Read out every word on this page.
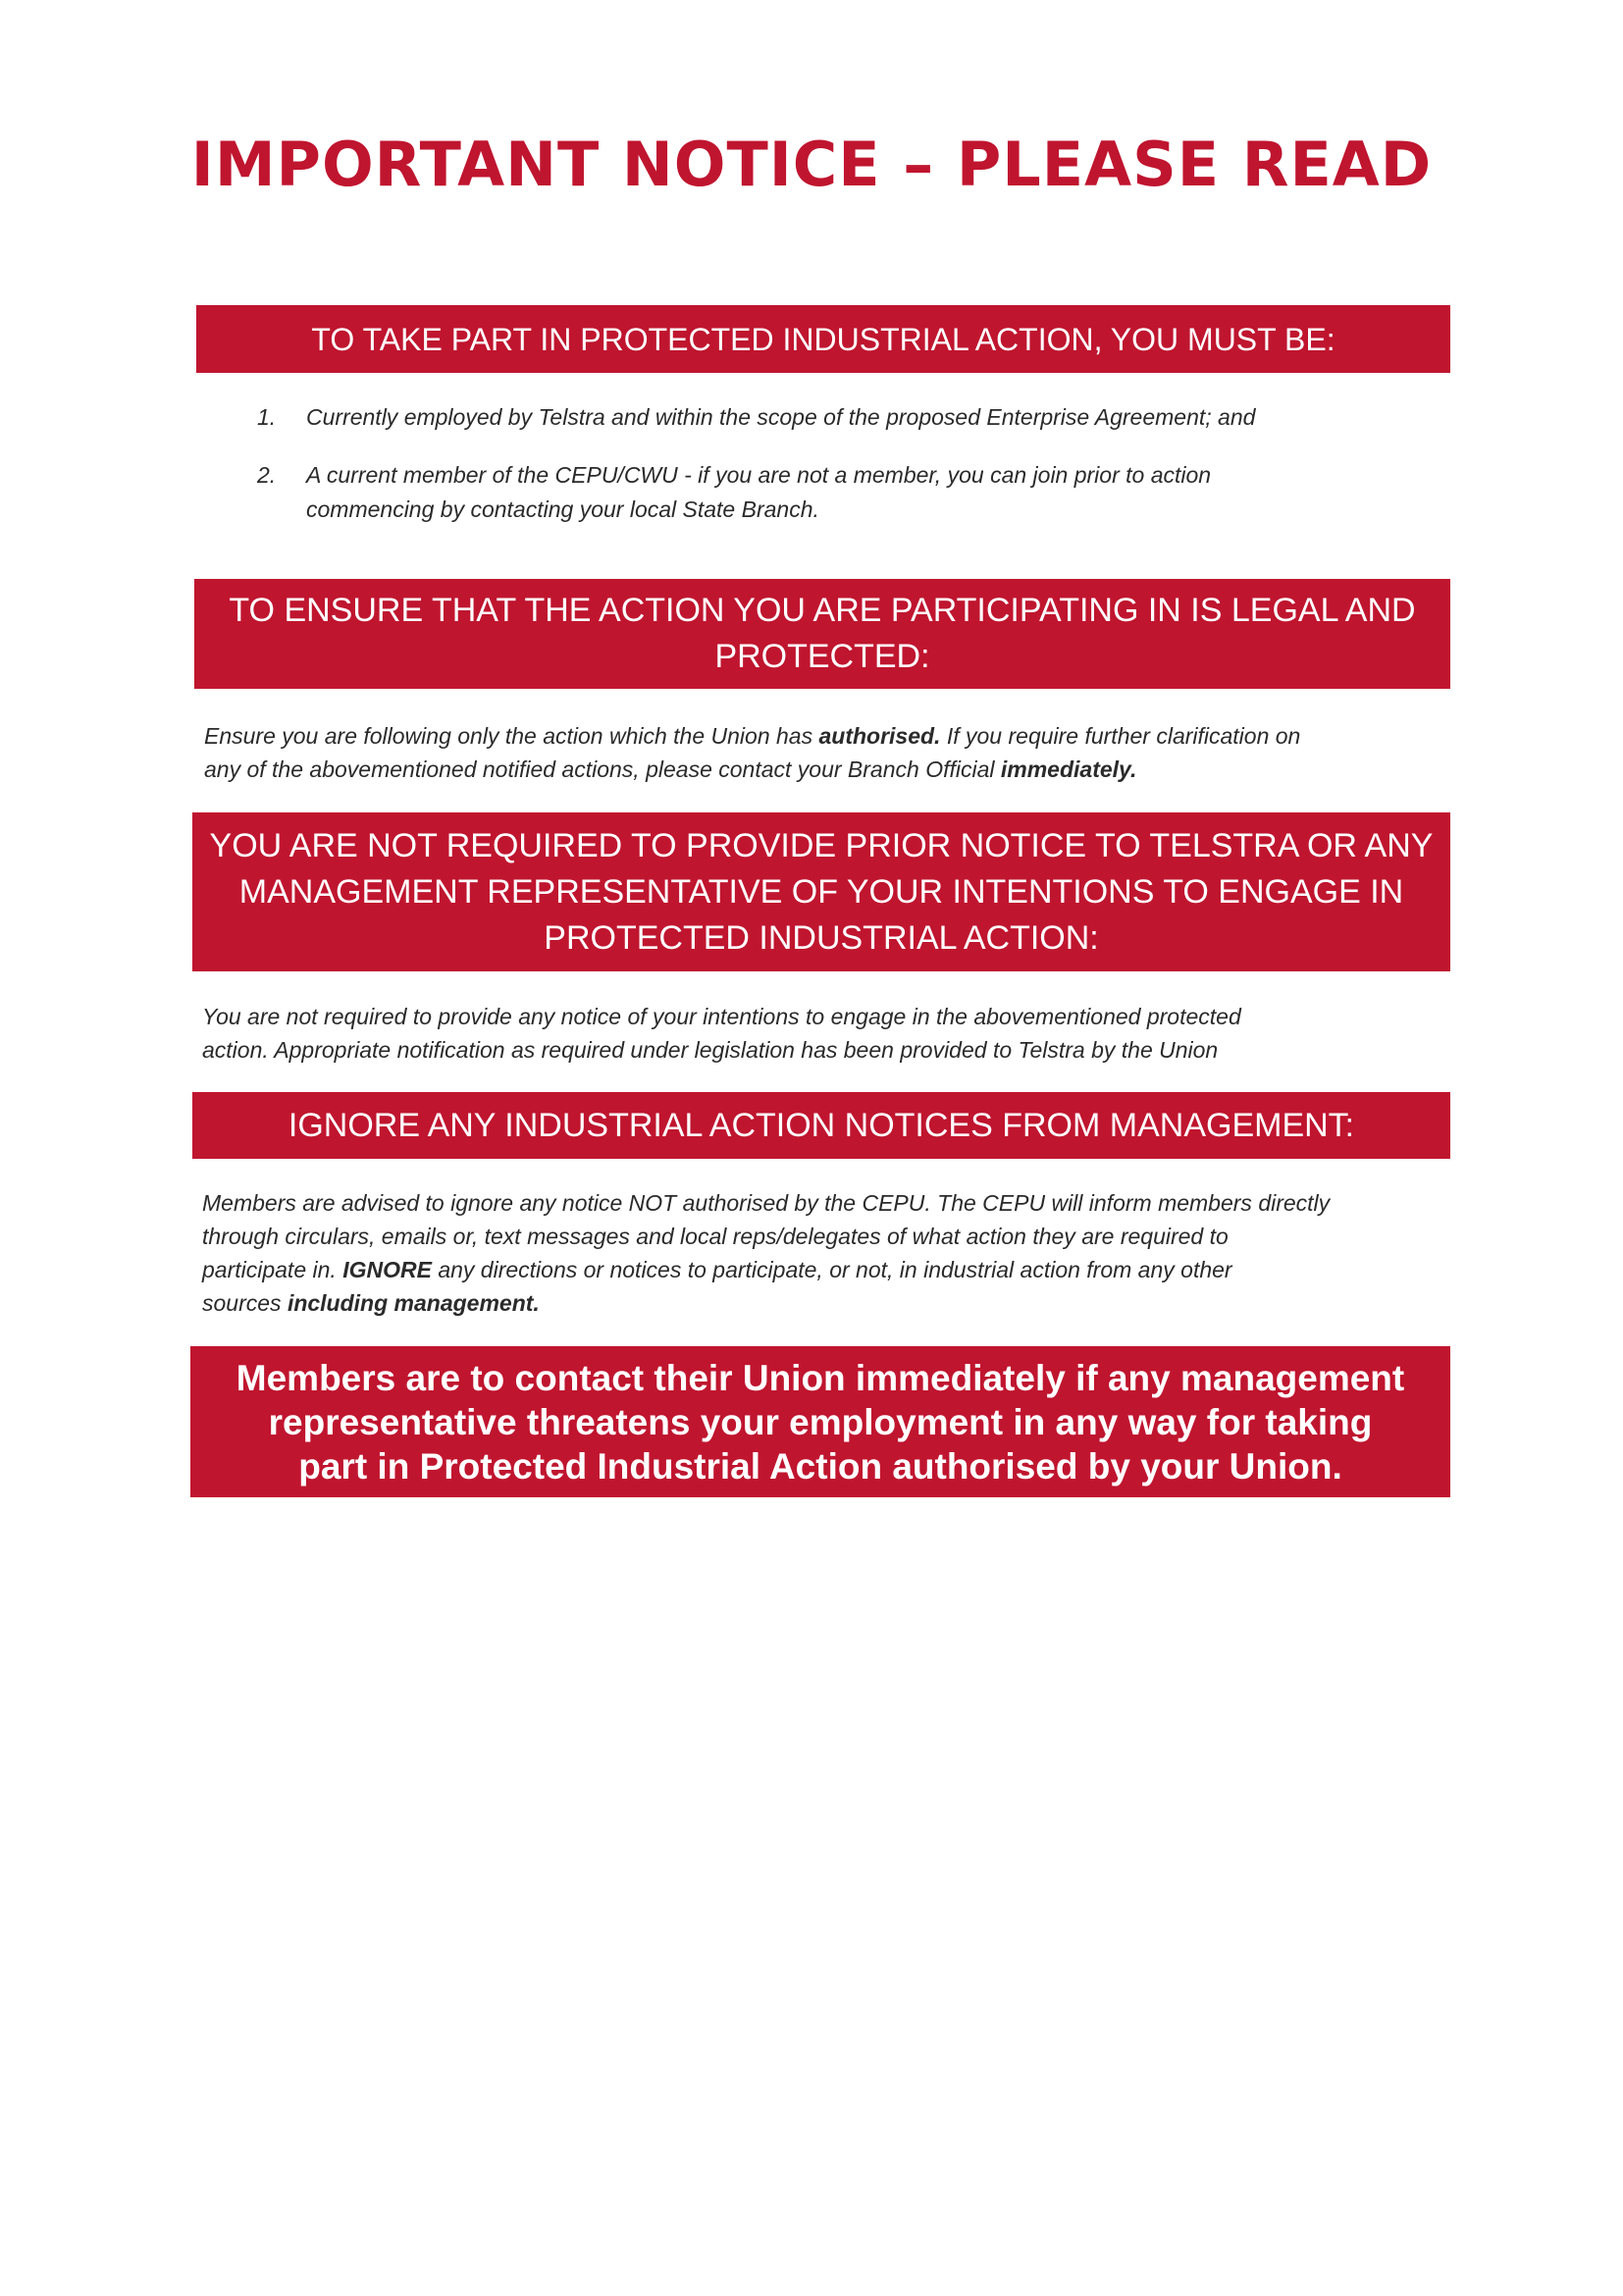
IMPORTANT NOTICE – PLEASE READ
TO TAKE PART IN PROTECTED INDUSTRIAL ACTION, YOU MUST BE:
1. Currently employed by Telstra and within the scope of the proposed Enterprise Agreement; and
2. A current member of the CEPU/CWU - if you are not a member, you can join prior to action
commencing by contacting your local State Branch.
TO ENSURE THAT THE ACTION YOU ARE PARTICIPATING IN IS LEGAL AND
PROTECTED:
Ensure you are following only the action which the Union has authorised. If you require further clarification on
any of the abovementioned notified actions, please contact your Branch Official immediately.
YOU ARE NOT REQUIRED TO PROVIDE PRIOR NOTICE TO TELSTRA OR ANY
MANAGEMENT REPRESENTATIVE OF YOUR INTENTIONS TO ENGAGE IN
PROTECTED INDUSTRIAL ACTION:
You are not required to provide any notice of your intentions to engage in the abovementioned protected
action. Appropriate notification as required under legislation has been provided to Telstra by the Union
IGNORE ANY INDUSTRIAL ACTION NOTICES FROM MANAGEMENT:
Members are advised to ignore any notice NOT authorised by the CEPU. The CEPU will inform members directly
through circulars, emails or, text messages and local reps/delegates of what action they are required to
participate in. IGNORE any directions or notices to participate, or not, in industrial action from any other
sources including management.
Members are to contact their Union immediately if any management
representative threatens your employment in any way for taking
part in Protected Industrial Action authorised by your Union.
